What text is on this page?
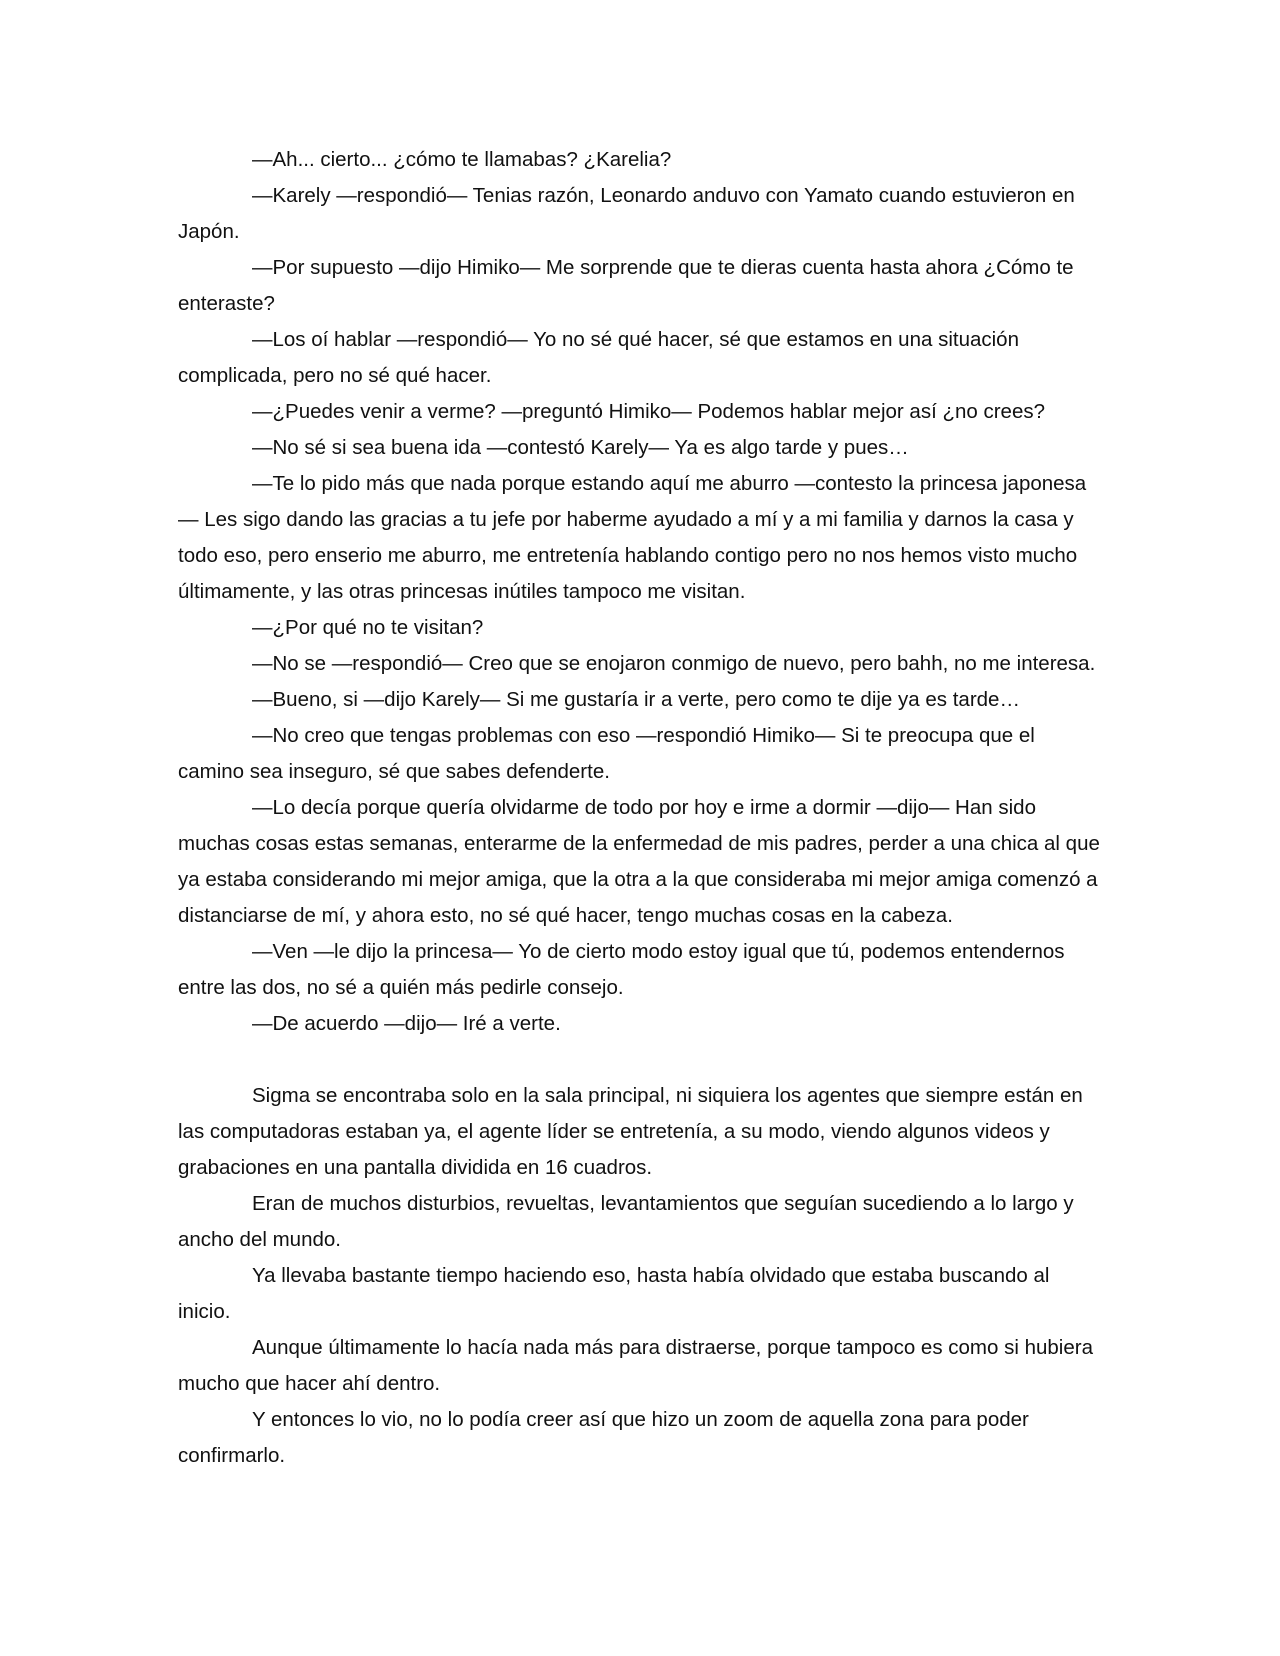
—Ah... cierto... ¿cómo te llamabas? ¿Karelia?

—Karely —respondió— Tenias razón, Leonardo anduvo con Yamato cuando estuvieron en Japón.

—Por supuesto —dijo Himiko— Me sorprende que te dieras cuenta hasta ahora ¿Cómo te enteraste?

—Los oí hablar —respondió— Yo no sé qué hacer, sé que estamos en una situación complicada, pero no sé qué hacer.

—¿Puedes venir a verme? —preguntó Himiko— Podemos hablar mejor así ¿no crees?

—No sé si sea buena ida —contestó Karely— Ya es algo tarde y pues…

—Te lo pido más que nada porque estando aquí me aburro —contesto la princesa japonesa— Les sigo dando las gracias a tu jefe por haberme ayudado a mí y a mi familia y darnos la casa y todo eso, pero enserio me aburro, me entretenía hablando contigo pero no nos hemos visto mucho últimamente, y las otras princesas inútiles tampoco me visitan.

—¿Por qué no te visitan?

—No se —respondió— Creo que se enojaron conmigo de nuevo, pero bahh, no me interesa.

—Bueno, si —dijo Karely— Si me gustaría ir a verte, pero como te dije ya es tarde…

—No creo que tengas problemas con eso —respondió Himiko— Si te preocupa que el camino sea inseguro, sé que sabes defenderte.

—Lo decía porque quería olvidarme de todo por hoy e irme a dormir —dijo— Han sido muchas cosas estas semanas, enterarme de la enfermedad de mis padres, perder a una chica al que ya estaba considerando mi mejor amiga, que la otra a la que consideraba mi mejor amiga comenzó a distanciarse de mí, y ahora esto, no sé qué hacer, tengo muchas cosas en la cabeza.

—Ven —le dijo la princesa— Yo de cierto modo estoy igual que tú, podemos entendernos entre las dos, no sé a quién más pedirle consejo.

—De acuerdo —dijo— Iré a verte.

Sigma se encontraba solo en la sala principal, ni siquiera los agentes que siempre están en las computadoras estaban ya, el agente líder se entretenía, a su modo, viendo algunos videos y grabaciones en una pantalla dividida en 16 cuadros.

Eran de muchos disturbios, revueltas, levantamientos que seguían sucediendo a lo largo y ancho del mundo.

Ya llevaba bastante tiempo haciendo eso, hasta había olvidado que estaba buscando al inicio.

Aunque últimamente lo hacía nada más para distraerse, porque tampoco es como si hubiera mucho que hacer ahí dentro.

Y entonces lo vio, no lo podía creer así que hizo un zoom de aquella zona para poder confirmarlo.
